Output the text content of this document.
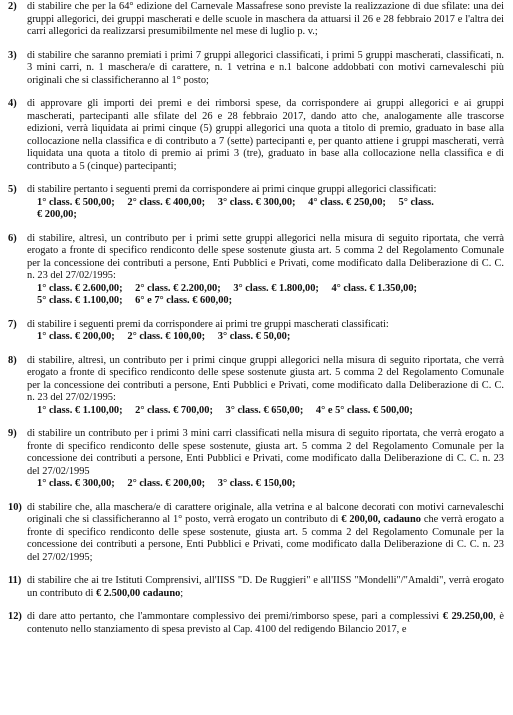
2) di stabilire che per la 64° edizione del Carnevale Massafrese sono previste la realizzazione di due sfilate: una dei gruppi allegorici, dei gruppi mascherati e delle scuole in maschera da attuarsi il 26 e 28 febbraio 2017 e l'altra dei carri allegorici da realizzarsi presumibilmente nel mese di luglio p. v.;

3) di stabilire che saranno premiati i primi 7 gruppi allegorici classificati, i primi 5 gruppi mascherati, classificati, n. 3 mini carri, n. 1 maschera/e di carattere, n. 1 vetrina e n.1 balcone addobbati con motivi carnevaleschi più originali che si classificheranno al 1° posto;

4) di approvare gli importi dei premi e dei rimborsi spese, da corrispondere ai gruppi allegorici e ai gruppi mascherati, partecipanti alle sfilate del 26 e 28 febbraio 2017, dando atto che, analogamente alle trascorse edizioni, verrà liquidata ai primi cinque (5) gruppi allegorici una quota a titolo di premio, graduato in base alla collocazione nella classifica e di contributo a 7 (sette) partecipanti e, per quanto attiene i gruppi mascherati, verrà liquidata una quota a titolo di premio ai primi 3 (tre), graduato in base alla collocazione nella classifica e di contributo a 5 (cinque) partecipanti;

5) di stabilire pertanto i seguenti premi da corrispondere ai primi cinque gruppi allegorici classificati:

1° class. € 500,00; 2° class. € 400,00; 3° class. € 300,00; 4° class. € 250,00; 5° class.

€ 200,00;

6) di stabilire, altresì, un contributo per i primi sette gruppi allegorici nella misura di seguito riportata, che verrà erogato a fronte di specifico rendiconto delle spese sostenute giusta art. 5 comma 2 del Regolamento Comunale per la concessione dei contributi a persone, Enti Pubblici e Privati, come modificato dalla Deliberazione di C. C. n. 23 del 27/02/1995:

1° class. € 2.600,00; 2° class. € 2.200,00; 3° class. € 1.800,00; 4° class. € 1.350,00;

5° class. € 1.100,00; 6° e 7° class. € 600,00;

7) di stabilire i seguenti premi da corrispondere ai primi tre gruppi mascherati classificati:

1° class. € 200,00; 2° class. € 100,00; 3° class. € 50,00;

8) di stabilire, altresì, un contributo per i primi cinque gruppi allegorici nella misura di seguito riportata, che verrà erogato a fronte di specifico rendiconto delle spese sostenute giusta art. 5 comma 2 del Regolamento Comunale per la concessione dei contributi a persone, Enti Pubblici e Privati, come modificato dalla Deliberazione di C. C. n. 23 del 27/02/1995:

1° class. € 1.100,00; 2° class. € 700,00; 3° class. € 650,00; 4° e 5° class. € 500,00;

9) di stabilire un contributo per i primi 3 mini carri classificati nella misura di seguito riportata, che verrà erogato a fronte di specifico rendiconto delle spese sostenute, giusta art. 5 comma 2 del Regolamento Comunale per la concessione dei contributi a persone, Enti Pubblici e Privati, come modificato dalla Deliberazione di C. C. n. 23 del 27/02/1995

1° class. € 300,00; 2° class. € 200,00; 3° class. € 150,00;

10) di stabilire che, alla maschera/e di carattere originale, alla vetrina e al balcone decorati con motivi carnevaleschi originali che si classificheranno al 1° posto, verrà erogato un contributo di € 200,00, cadauno che verrà erogato a fronte di specifico rendiconto delle spese sostenute, giusta art. 5 comma 2 del Regolamento Comunale per la concessione dei contributi a persone, Enti Pubblici e Privati, come modificato dalla Deliberazione di C. C. n. 23 del 27/02/1995;

11) di stabilire che ai tre Istituti Comprensivi, all'IISS "D. De Ruggieri" e all'IISS "Mondelli"/"Amaldi", verrà erogato un contributo di € 2.500,00 cadauno;

12) di dare atto pertanto, che l'ammontare complessivo dei premi/rimborso spese, pari a complessivi € 29.250,00, è contenuto nello stanziamento di spesa previsto al Cap. 4100 del redigendo Bilancio 2017, e
